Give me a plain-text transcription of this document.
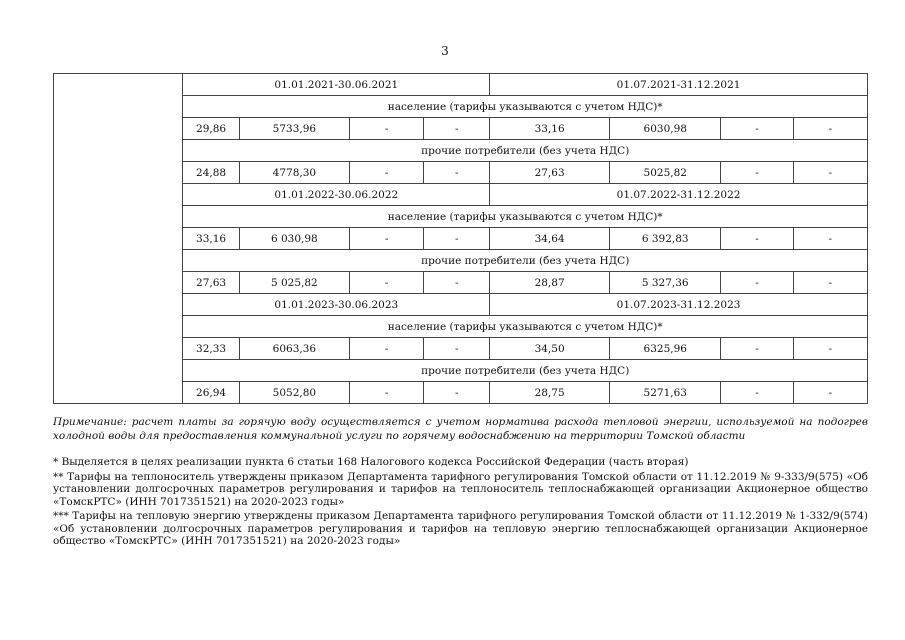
3
	01.01.2021-30.06.2021				01.07.2021-31.12.2021			
	население (тарифы указываются с учетом НДС)*							
	29,86	5733,96	-	-	33,16	6030,98	-	-
	прочие потребители (без учета НДС)							
	24,88	4778,30	-	-	27,63	5025,82	-	-
	01.01.2022-30.06.2022				01.07.2022-31.12.2022			
	население (тарифы указываются с учетом НДС)*							
	33,16	6 030,98	-	-	34,64	6 392,83	-	-
	прочие потребители (без учета НДС)							
	27,63	5 025,82	-	-	28,87	5 327,36	-	-
	01.01.2023-30.06.2023				01.07.2023-31.12.2023			
	население (тарифы указываются с учетом НДС)*							
	32,33	6063,36	-	-	34,50	6325,96	-	-
	прочие потребители (без учета НДС)							
	26,94	5052,80	-	-	28,75	5271,63	-	-
Примечание: расчет платы за горячую воду осуществляется с учетом норматива расхода тепловой энергии, используемой на подогрев холодной воды для предоставления коммунальной услуги по горячему водоснабжению на территории Томской области

* Выделяется в целях реализации пункта 6 статьи 168 Налогового кодекса Российской Федерации (часть вторая)

** Тарифы на теплоноситель утверждены приказом Департамента тарифного регулирования Томской области от 11.12.2019 № 9-333/9(575) «Об установлении долгосрочных параметров регулирования и тарифов на теплоноситель теплоснабжающей организации Акционерное общество «ТомскРТС» (ИНН 7017351521) на 2020-2023 годы»

*** Тарифы на тепловую энергию утверждены приказом Департамента тарифного регулирования Томской области от 11.12.2019 № 1-332/9(574) «Об установлении долгосрочных параметров регулирования и тарифов на тепловую энергию теплоснабжающей организации Акционерное общество «ТомскРТС» (ИНН 7017351521) на 2020-2023 годы»
